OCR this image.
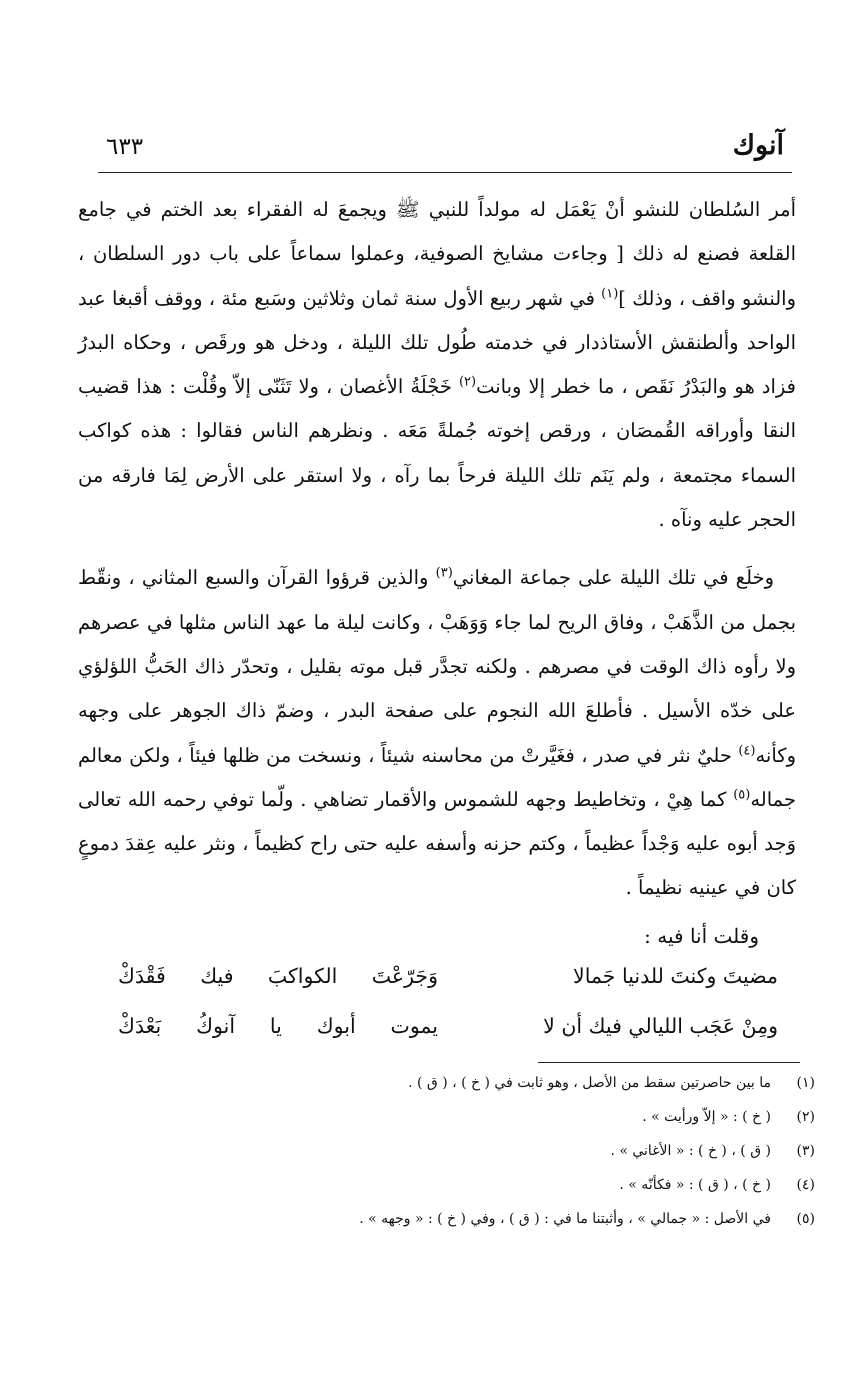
آنوك
٦٣٣

أمر السُلطان للنشو أنْ يَعْمَل له مولداً للنبي ﷺ ويجمعَ له الفقراء بعد الختم في جامع القلعة فصنع له ذلك [ وجاءت مشايخ الصوفية، وعملوا سماعاً على باب دور السلطان ، والنشو واقف ، وذلك ]$^{(١)}$ في شهر ربيع الأول سنة ثمان وثلاثين وسَبع مئة ، ووقف أقبغا عبد الواحد وألطنقش الأستاذدار في خدمته طُول تلك الليلة ، ودخل هو ورقَص ، وحكاه البدرُ فزاد هو والبَدْرُ نَقَص ، ما خطر إلا وبانت$^{(٢)}$ خَجْلَةُ الأغصان ، ولا تَثَنّى إلاّ وقُلْت : هذا قضيب النقا وأوراقه القُمصَان ، ورقص إخوته جُملةً مَعَه . ونظرهم الناس فقالوا : هذه كواكب السماء مجتمعة ، ولم يَنَم تلك الليلة فرحاً بما رآه ، ولا استقر على الأرض لِمَا فارقه من الحجر عليه ونآه .

وخلَع في تلك الليلة على جماعة المغاني$^{(٣)}$ والذين قرؤوا القرآن والسبع المثاني ، ونقّط بجمل من الذَّهَبْ ، وفاق الريح لما جاء وَوَهَبْ ، وكانت ليلة ما عهد الناس مثلها في عصرهم ولا رأوه ذاك الوقت في مصرهم . ولكنه تجدَّر قبل موته بقليل ، وتحدّر ذاك الحَبُّ اللؤلؤي على خدّه الأسيل . فأطلعَ الله النجوم على صفحة البدر ، وضمّ ذاك الجوهر على وجهه وكأنه$^{(٤)}$ حليٌ نثر في صدر ، فغَيَّرتْ من محاسنه شيئاً ، ونسخت من ظلها فيئاً ، ولكن معالم جماله$^{(٥)}$ كما هِيْ ، وتخاطيط وجهه للشموس والأقمار تضاهي . ولّما توفي رحمه الله تعالى وَجد أبوه عليه وَجْداً عظيماً ، وكتم حزنه وأسفه عليه حتى راح كظيماً ، ونثر عليه عِقدَ دموعٍ كان في عينيه نظيماً .

وقلت أنا فيه :
مضيتَ وكنتَ للدنيا جَمالا
وَجَرّعْتَ الكواكبَ فيك فَقْدَكْ
ومِنْ عَجَب الليالي فيك أن لا
يموت أبوك يا آنوكُ بَعْدَكْ
(١)
ما بين حاصرتين سقط من الأصل ، وهو ثابت في ( خ ) ، ( ق ) .
(٢)
( خ ) : « إلاّ ورأيت » .
(٣)
( ق ) ، ( خ ) : « الأغاني » .
(٤)
( خ ) ، ( ق ) : « فكأنّه » .
(٥)
في الأصل : « جمالي » ، وأثبتنا ما في : ( ق ) ، وفي ( خ ) : « وجهه » .
